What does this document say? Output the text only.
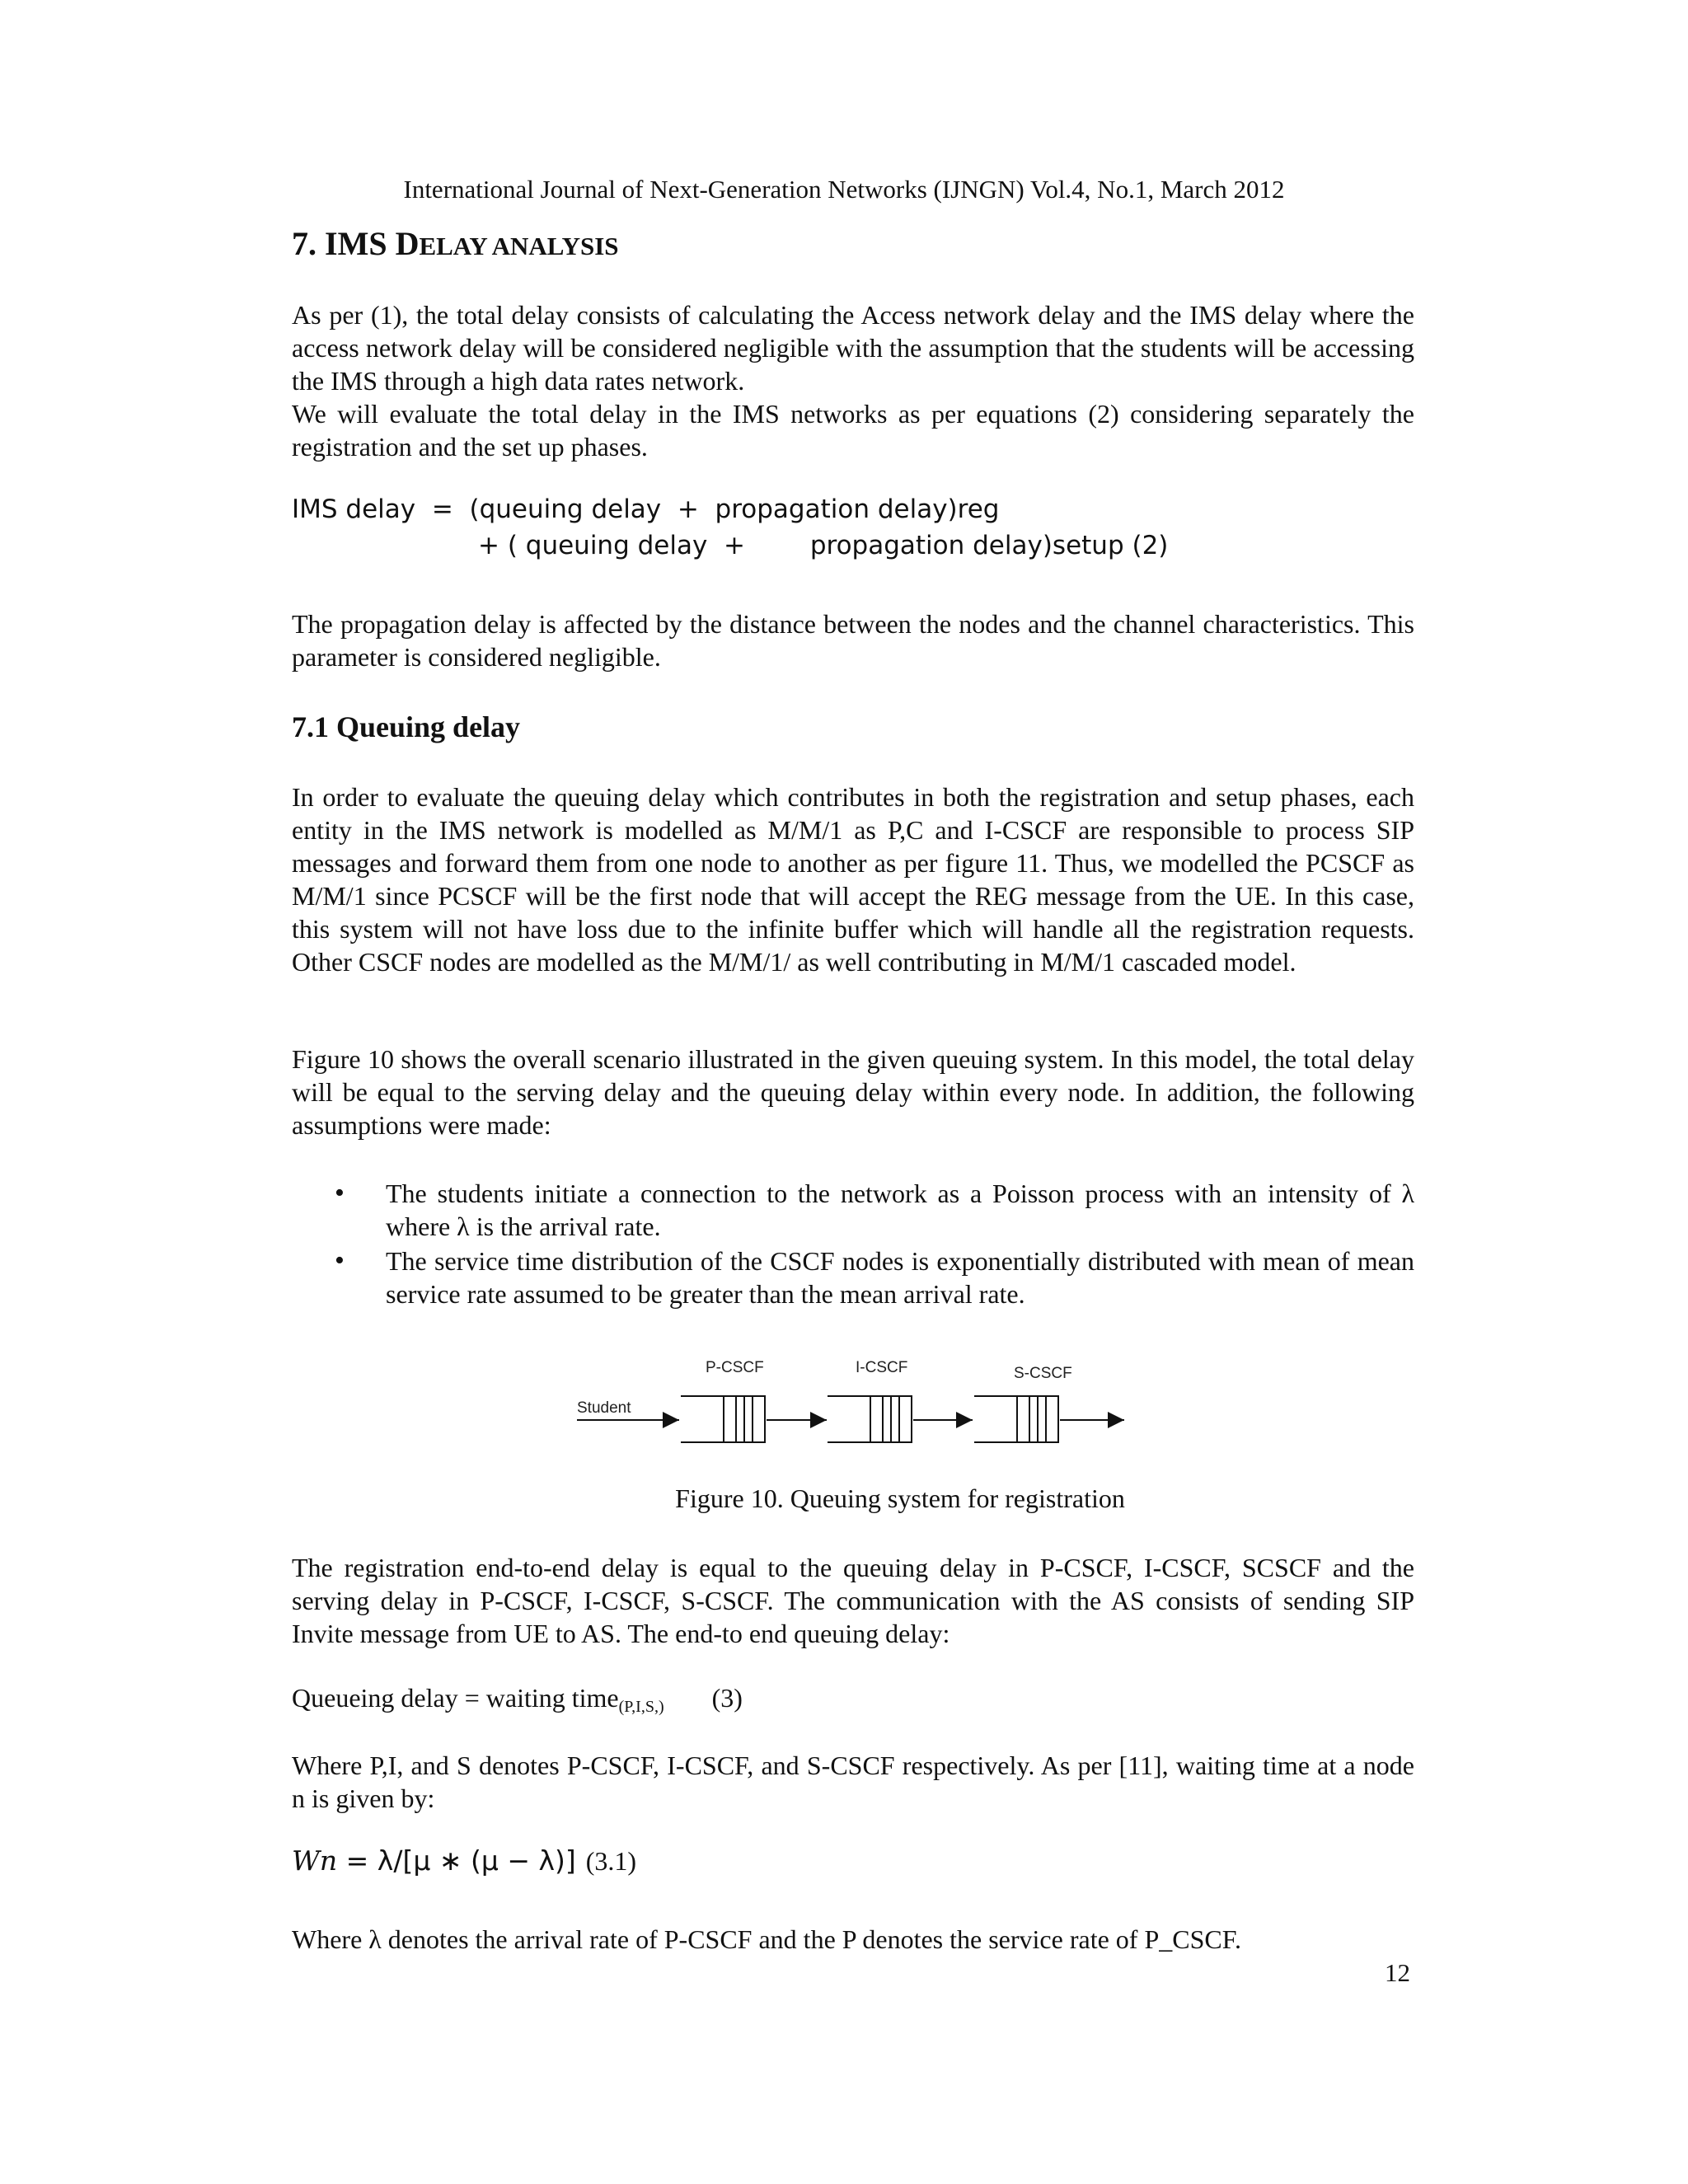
International Journal of Next-Generation Networks (IJNGN) Vol.4, No.1, March 2012
7. IMS DELAY ANALYSIS

As per (1), the total delay consists of calculating the Access network delay and the IMS delay where the access network delay will be considered negligible with the assumption that the students will be accessing the IMS through a high data rates network.

We will evaluate the total delay in the IMS networks as per equations (2) considering separately the registration and the set up phases.

IMS delay  =  (queuing delay  +  propagation delay)reg
+ ( queuing delay  +        propagation delay)setup (2)

The propagation delay is affected by the distance between the nodes and the channel characteristics. This parameter is considered negligible.

7.1 Queuing delay

In order to evaluate the queuing delay which contributes in both the registration and setup phases, each entity in the IMS network is modelled as M/M/1 as P,C and I-CSCF are responsible to process SIP messages and forward them from one node to another as per figure 11. Thus, we modelled the PCSCF as M/M/1 since PCSCF will be the first node that will accept the REG message from the UE. In this case, this system will not have loss due to the infinite buffer which will handle all the registration requests. Other CSCF nodes are modelled as the M/M/1/ as well contributing in M/M/1 cascaded model.

Figure 10 shows the overall scenario illustrated in the given queuing system. In this model, the total delay will be equal to the serving delay and the queuing delay within every node. In addition, the following assumptions were made:

• The students initiate a connection to the network as a Poisson process with an intensity of λ where λ is the arrival rate.
• The service time distribution of the CSCF nodes is exponentially distributed with mean of mean service rate assumed to be greater than the mean arrival rate.
Student
P-CSCF	I-CSCF	S-CSCF
Figure 10. Queuing system for registration

The registration end-to-end delay is equal to the queuing delay in P-CSCF, I-CSCF, SCSCF and the serving delay in P-CSCF, I-CSCF, S-CSCF. The communication with the AS consists of sending SIP Invite message from UE to AS. The end-to end queuing delay:

Queueing delay = waiting time$_{(P,I,S,)}$ (3)

Where P,I, and S denotes P-CSCF, I-CSCF, and S-CSCF respectively. As per [11], waiting time at a node n is given by:

Wn = λ/[μ ∗ (μ − λ)] (3.1)

Where λ denotes the arrival rate of P-CSCF and the P denotes the service rate of P_CSCF.

12
